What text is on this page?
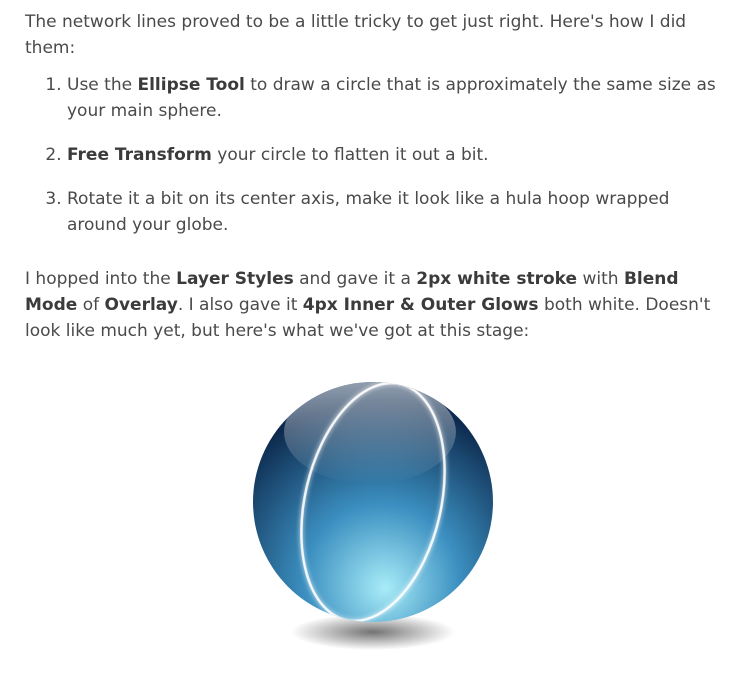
The network lines proved to be a little tricky to get just right. Here's how I did them:

1. Use the Ellipse Tool to draw a circle that is approximately the same size as your main sphere.
2. Free Transform your circle to flatten it out a bit.
3. Rotate it a bit on its center axis, make it look like a hula hoop wrapped around your globe.

I hopped into the Layer Styles and gave it a 2px white stroke with Blend Mode of Overlay. I also gave it 4px Inner & Outer Glows both white. Doesn't look like much yet, but here's what we've got at this stage:
